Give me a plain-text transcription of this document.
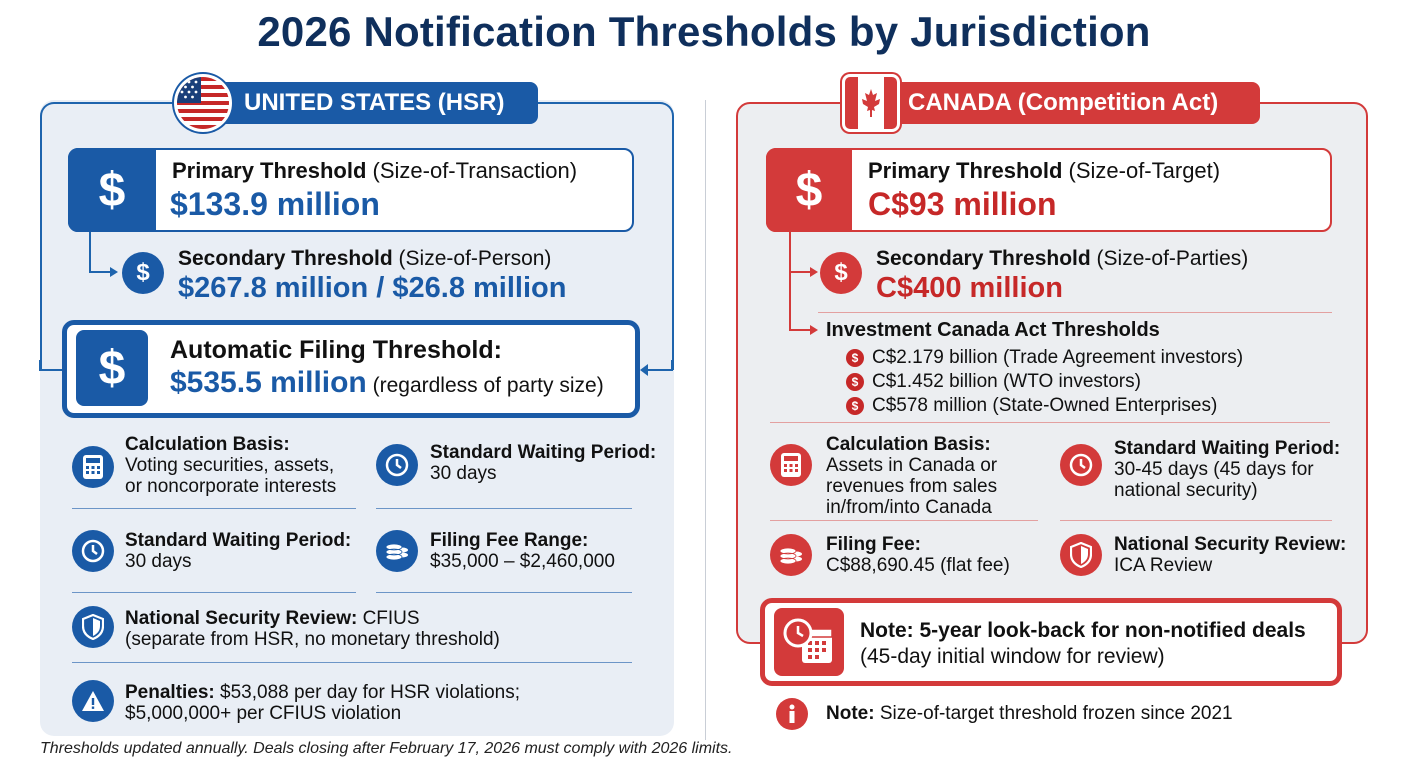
2026 Notification Thresholds by Jurisdiction
UNITED STATES (HSR)
$	Primary Threshold (Size-of-Transaction)
$133.9 million
$
Secondary Threshold (Size-of-Person)
$267.8 million / $26.8 million
$	Automatic Filing Threshold:
$535.5 million (regardless of party size)
Calculation Basis:
Voting securities, assets,
or noncorporate interests
Standard Waiting Period:
30 days
Standard Waiting Period:
30 days
Filing Fee Range:
$35,000 – $2,460,000
National Security Review: CFIUS
(separate from HSR, no monetary threshold)
Penalties: $53,088 per day for HSR violations;
$5,000,000+ per CFIUS violation
CANADA (Competition Act)
$	Primary Threshold (Size-of-Target)
C$93 million
$
Secondary Threshold (Size-of-Parties)
C$400 million
Investment Canada Act Thresholds
$ C$2.179 billion (Trade Agreement investors)
$ C$1.452 billion (WTO investors)
$ C$578 million (State-Owned Enterprises)
Calculation Basis:
Assets in Canada or
revenues from sales
in/from/into Canada
Standard Waiting Period:
30-45 days (45 days for
national security)
Filing Fee:
C$88,690.45 (flat fee)
National Security Review:
ICA Review
Note: 5-year look-back for non-notified deals
(45-day initial window for review)
Note: Size-of-target threshold frozen since 2021
Thresholds updated annually. Deals closing after February 17, 2026 must comply with 2026 limits.
